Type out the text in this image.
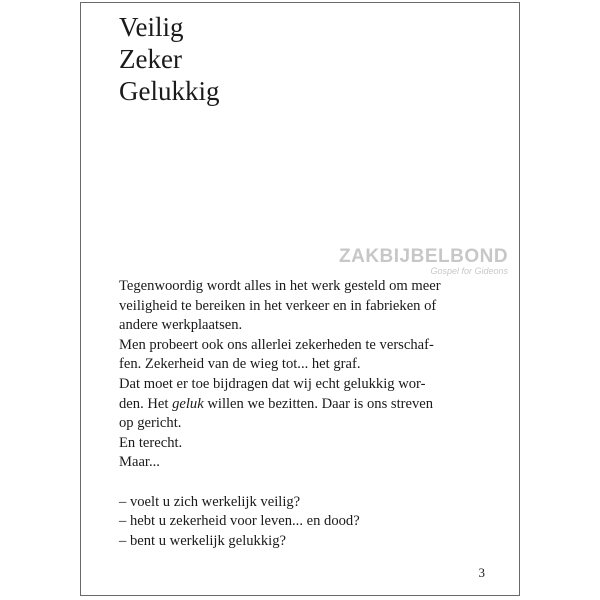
Veilig
Zeker
Gelukkig
ZAKBIJBELBOND
Gospel for Gideons

Tegenwoordig wordt alles in het werk gesteld om meer

veiligheid te bereiken in het verkeer en in fabrieken of

andere werkplaatsen.

Men probeert ook ons allerlei zekerheden te verschaf-

fen. Zekerheid van de wieg tot... het graf.

Dat moet er toe bijdragen dat wij echt gelukkig wor-

den. Het geluk willen we bezitten. Daar is ons streven

op gericht.

En terecht.

Maar...

– voelt u zich werkelijk veilig?

– hebt u zekerheid voor leven... en dood?

– bent u werkelijk gelukkig?

3
